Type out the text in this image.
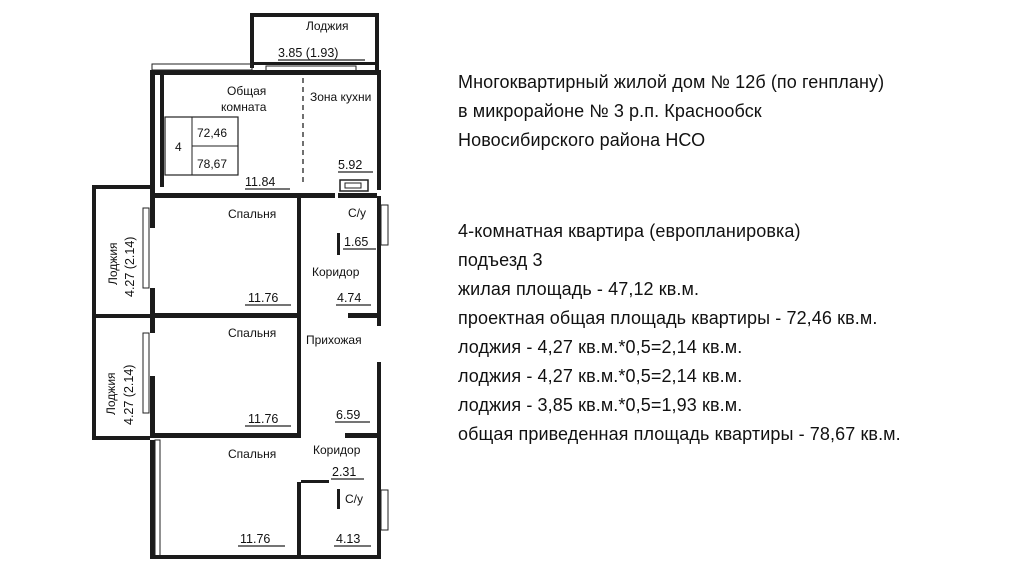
4
72,46
78,67
Лоджия
3.85 (1.93)
Общая
комната
11.84
Зона кухни
5.92
Спальня
11.76
С/у
1.65
Коридор
4.74
Лоджия 4.27 (2.14)
Спальня Прихожая
11.76	6.59
Лоджия 4.27 (2.14)
Коридор
Спальня
2.31
С/у
11.76	4.13
Многоквартирный жилой дом № 12б (по генплану)
в микрорайоне № 3 р.п. Краснообск
Новосибирского района НСО
4-комнатная квартира (европланировка)
подъезд 3
жилая площадь - 47,12 кв.м.
проектная общая площадь квартиры - 72,46 кв.м.
лоджия - 4,27 кв.м.*0,5=2,14 кв.м.
лоджия - 4,27 кв.м.*0,5=2,14 кв.м.
лоджия - 3,85 кв.м.*0,5=1,93 кв.м.
общая приведенная площадь квартиры - 78,67 кв.м.
